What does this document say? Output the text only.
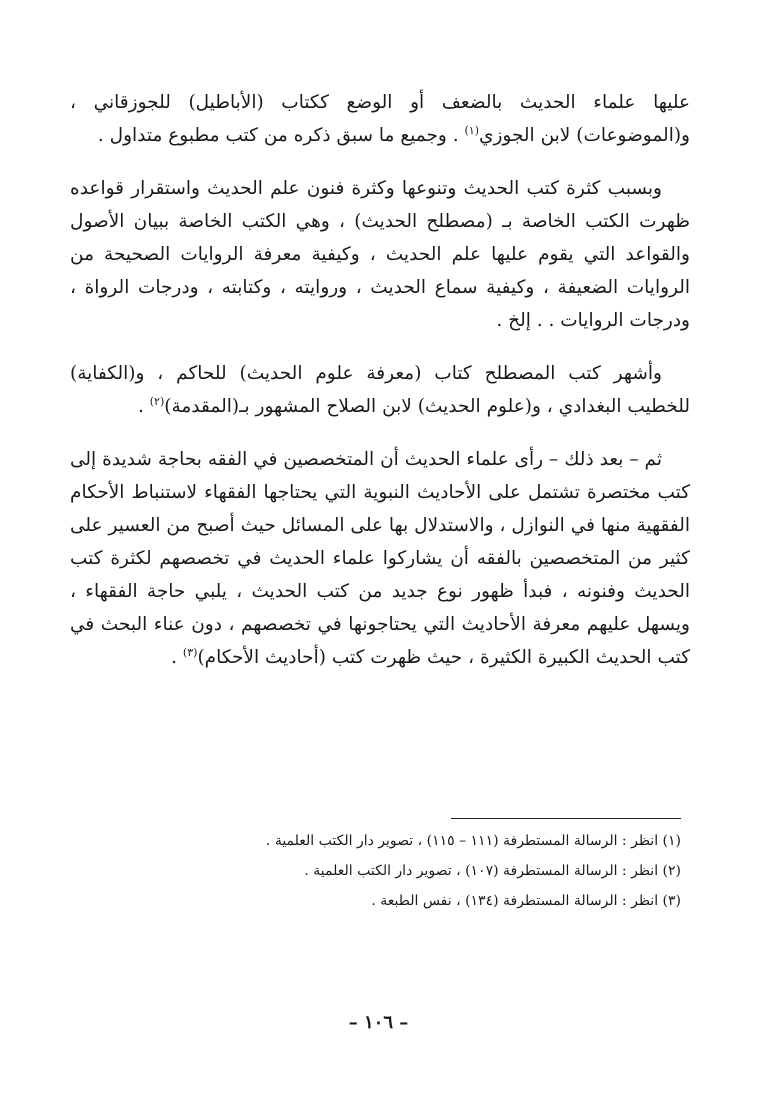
عليها علماء الحديث بالضعف أو الوضع ككتاب (الأباطيل) للجوزقاني ، و(الموضوعات) لابن الجوزي$^{(١)}$ . وجميع ما سبق ذكره من كتب مطبوع متداول .

وبسبب كثرة كتب الحديث وتنوعها وكثرة فنون علم الحديث واستقرار قواعده ظهرت الكتب الخاصة بـ (مصطلح الحديث) ، وهي الكتب الخاصة ببيان الأصول والقواعد التي يقوم عليها علم الحديث ، وكيفية معرفة الروايات الصحيحة من الروايات الضعيفة ، وكيفية سماع الحديث ، وروايته ، وكتابته ، ودرجات الرواة ، ودرجات الروايات . . إلخ .

وأشهر كتب المصطلح كتاب (معرفة علوم الحديث) للحاكم ، و(الكفاية) للخطيب البغدادي ، و(علوم الحديث) لابن الصلاح المشهور بـ(المقدمة)$^{(٢)}$ .

ثم – بعد ذلك – رأى علماء الحديث أن المتخصصين في الفقه بحاجة شديدة إلى كتب مختصرة تشتمل على الأحاديث النبوية التي يحتاجها الفقهاء لاستنباط الأحكام الفقهية منها في النوازل ، والاستدلال بها على المسائل حيث أصبح من العسير على كثير من المتخصصين بالفقه أن يشاركوا علماء الحديث في تخصصهم لكثرة كتب الحديث وفنونه ، فبدأ ظهور نوع جديد من كتب الحديث ، يلبي حاجة الفقهاء ، ويسهل عليهم معرفة الأحاديث التي يحتاجونها في تخصصهم ، دون عناء البحث في كتب الحديث الكبيرة الكثيرة ، حيث ظهرت كتب (أحاديث الأحكام)$^{(٣)}$ .

(١) انظر : الرسالة المستطرفة (١١١ – ١١٥) ، تصوير دار الكتب العلمية .

(٢) انظر : الرسالة المستطرفة (١٠٧) ، تصوير دار الكتب العلمية .

(٣) انظر : الرسالة المستطرفة (١٣٤) ، نفس الطبعة .

– ١٠٦ –
